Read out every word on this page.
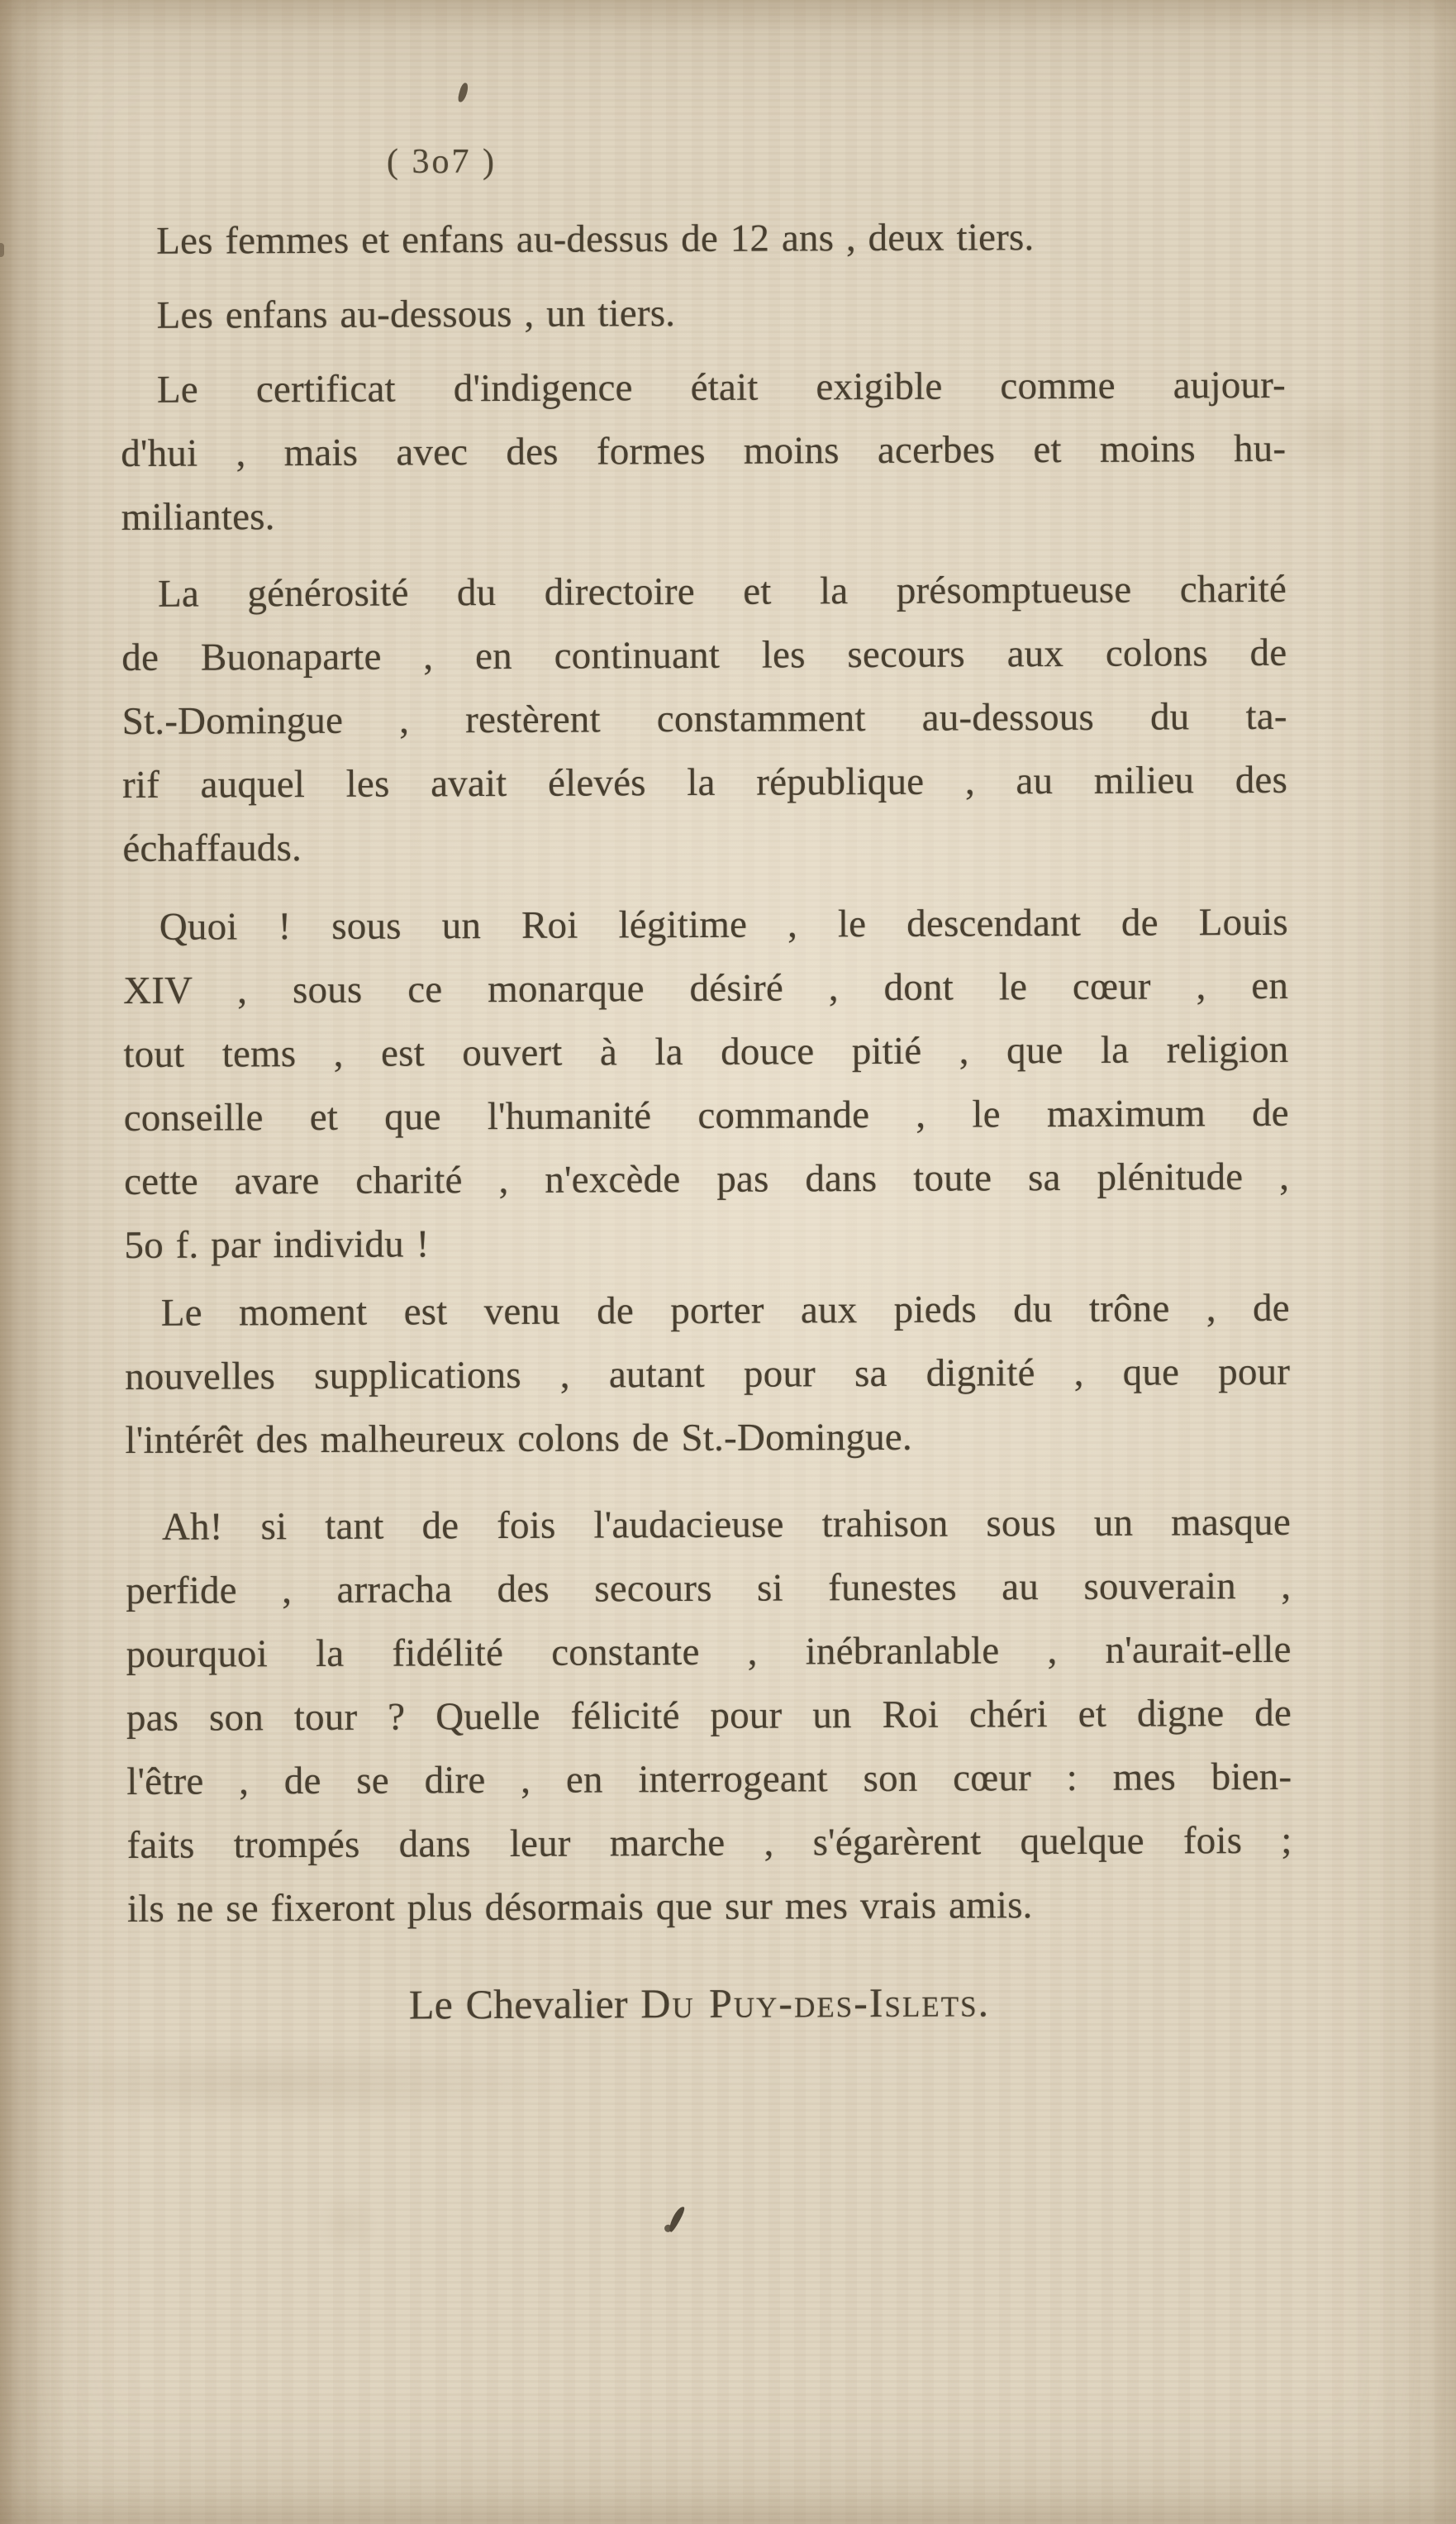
( 3o7 )
Les femmes et enfans au-dessus de 12 ans , deux tiers.
Les enfans au-dessous , un tiers.
Le certificat d'indigence était exigible comme aujour-
d'hui , mais avec des formes moins acerbes et moins hu-
miliantes.
La générosité du directoire et la présomptueuse charité
de Buonaparte , en continuant les secours aux colons de
St.-Domingue , restèrent constamment au-dessous du ta-
rif auquel les avait élevés la république , au milieu des
échaffauds.
Quoi ! sous un Roi légitime , le descendant de Louis
XIV , sous ce monarque désiré , dont le cœur , en
tout tems , est ouvert à la douce pitié , que la religion
conseille et que l'humanité commande , le maximum de
cette avare charité , n'excède pas dans toute sa plénitude ,
5o f. par individu !
Le moment est venu de porter aux pieds du trône , de
nouvelles supplications , autant pour sa dignité , que pour
l'intérêt des malheureux colons de St.-Domingue.
Ah! si tant de fois l'audacieuse trahison sous un masque
perfide , arracha des secours si funestes au souverain ,
pourquoi la fidélité constante , inébranlable , n'aurait-elle
pas son tour ? Quelle félicité pour un Roi chéri et digne de
l'être , de se dire , en interrogeant son cœur : mes bien-
faits trompés dans leur marche , s'égarèrent quelque fois ;
ils ne se fixeront plus désormais que sur mes vrais amis.
Le Chevalier Du Puy-des-Islets.
